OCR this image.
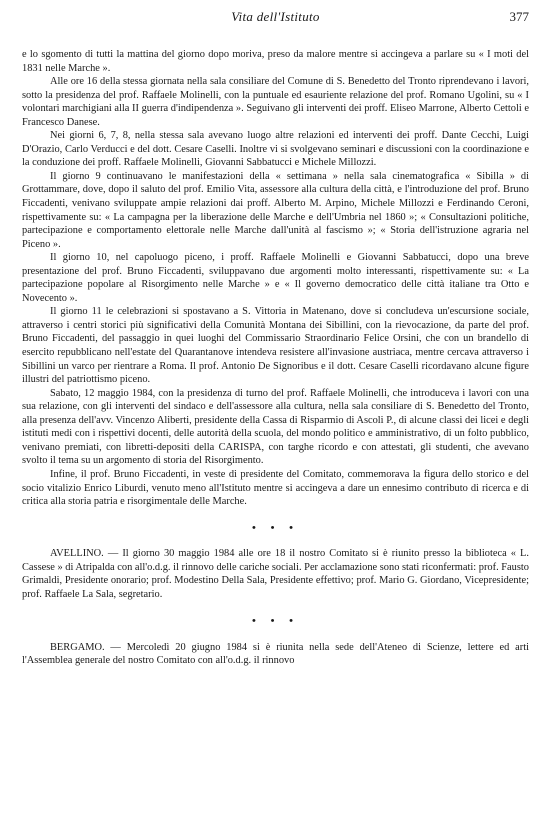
Vita dell'Istituto	377

e lo sgomento di tutti la mattina del giorno dopo moriva, preso da malore mentre si accingeva a parlare su « I moti del 1831 nelle Marche ».

Alle ore 16 della stessa giornata nella sala consiliare del Comune di S. Benedetto del Tronto riprendevano i lavori, sotto la presidenza del prof. Raffaele Molinelli, con la puntuale ed esauriente relazione del prof. Romano Ugolini, su « I volontari marchigiani alla II guerra d'indipendenza ». Seguivano gli interventi dei proff. Eliseo Marrone, Alberto Cettoli e Francesco Danese.

Nei giorni 6, 7, 8, nella stessa sala avevano luogo altre relazioni ed interventi dei proff. Dante Cecchi, Luigi D'Orazio, Carlo Verducci e del dott. Cesare Caselli. Inoltre vi si svolgevano seminari e discussioni con la coordinazione e la conduzione dei proff. Raffaele Molinelli, Giovanni Sabbatucci e Michele Millozzi.

Il giorno 9 continuavano le manifestazioni della « settimana » nella sala cinematografica « Sibilla » di Grottammare, dove, dopo il saluto del prof. Emilio Vita, assessore alla cultura della città, e l'introduzione del prof. Bruno Ficcadenti, venivano sviluppate ampie relazioni dai proff. Alberto M. Arpino, Michele Millozzi e Ferdinando Ceroni, rispettivamente su: « La campagna per la liberazione delle Marche e dell'Umbria nel 1860 »; « Consultazioni politiche, partecipazione e comportamento elettorale nelle Marche dall'unità al fascismo »; « Storia dell'istruzione agraria nel Piceno ».

Il giorno 10, nel capoluogo piceno, i proff. Raffaele Molinelli e Giovanni Sabbatucci, dopo una breve presentazione del prof. Bruno Ficcadenti, sviluppavano due argomenti molto interessanti, rispettivamente su: « La partecipazione popolare al Risorgimento nelle Marche » e « Il governo democratico delle città italiane tra Otto e Novecento ».

Il giorno 11 le celebrazioni si spostavano a S. Vittoria in Matenano, dove si concludeva un'escursione sociale, attraverso i centri storici più significativi della Comunità Montana dei Sibillini, con la rievocazione, da parte del prof. Bruno Ficcadenti, del passaggio in quei luoghi del Commissario Straordinario Felice Orsini, che con un brandello di esercito repubblicano nell'estate del Quarantanove intendeva resistere all'invasione austriaca, mentre cercava attraverso i Sibillini un varco per rientrare a Roma. Il prof. Antonio De Signoribus e il dott. Cesare Caselli ricordavano alcune figure illustri del patriottismo piceno.

Sabato, 12 maggio 1984, con la presidenza di turno del prof. Raffaele Molinelli, che introduceva i lavori con una sua relazione, con gli interventi del sindaco e dell'assessore alla cultura, nella sala consiliare di S. Benedetto del Tronto, alla presenza dell'avv. Vincenzo Aliberti, presidente della Cassa di Risparmio di Ascoli P., di alcune classi dei licei e degli istituti medi con i rispettivi docenti, delle autorità della scuola, del mondo politico e amministrativo, di un folto pubblico, venivano premiati, con libretti-depositi della CARISPA, con targhe ricordo e con attestati, gli studenti, che avevano svolto il tema su un argomento di storia del Risorgimento.

Infine, il prof. Bruno Ficcadenti, in veste di presidente del Comitato, commemorava la figura dello storico e del socio vitalizio Enrico Liburdi, venuto meno all'Istituto mentre si accingeva a dare un ennesimo contributo di ricerca e di critica alla storia patria e risorgimentale delle Marche.

• • •

AVELLINO. — Il giorno 30 maggio 1984 alle ore 18 il nostro Comitato si è riunito presso la biblioteca « L. Cassese » di Atripalda con all'o.d.g. il rinnovo delle cariche sociali. Per acclamazione sono stati riconfermati: prof. Fausto Grimaldi, Presidente onorario; prof. Modestino Della Sala, Presidente effettivo; prof. Mario G. Giordano, Vicepresidente; prof. Raffaele La Sala, segretario.

• • •

BERGAMO. — Mercoledì 20 giugno 1984 si è riunita nella sede dell'Ateneo di Scienze, lettere ed arti l'Assemblea generale del nostro Comitato con all'o.d.g. il rinnovo
